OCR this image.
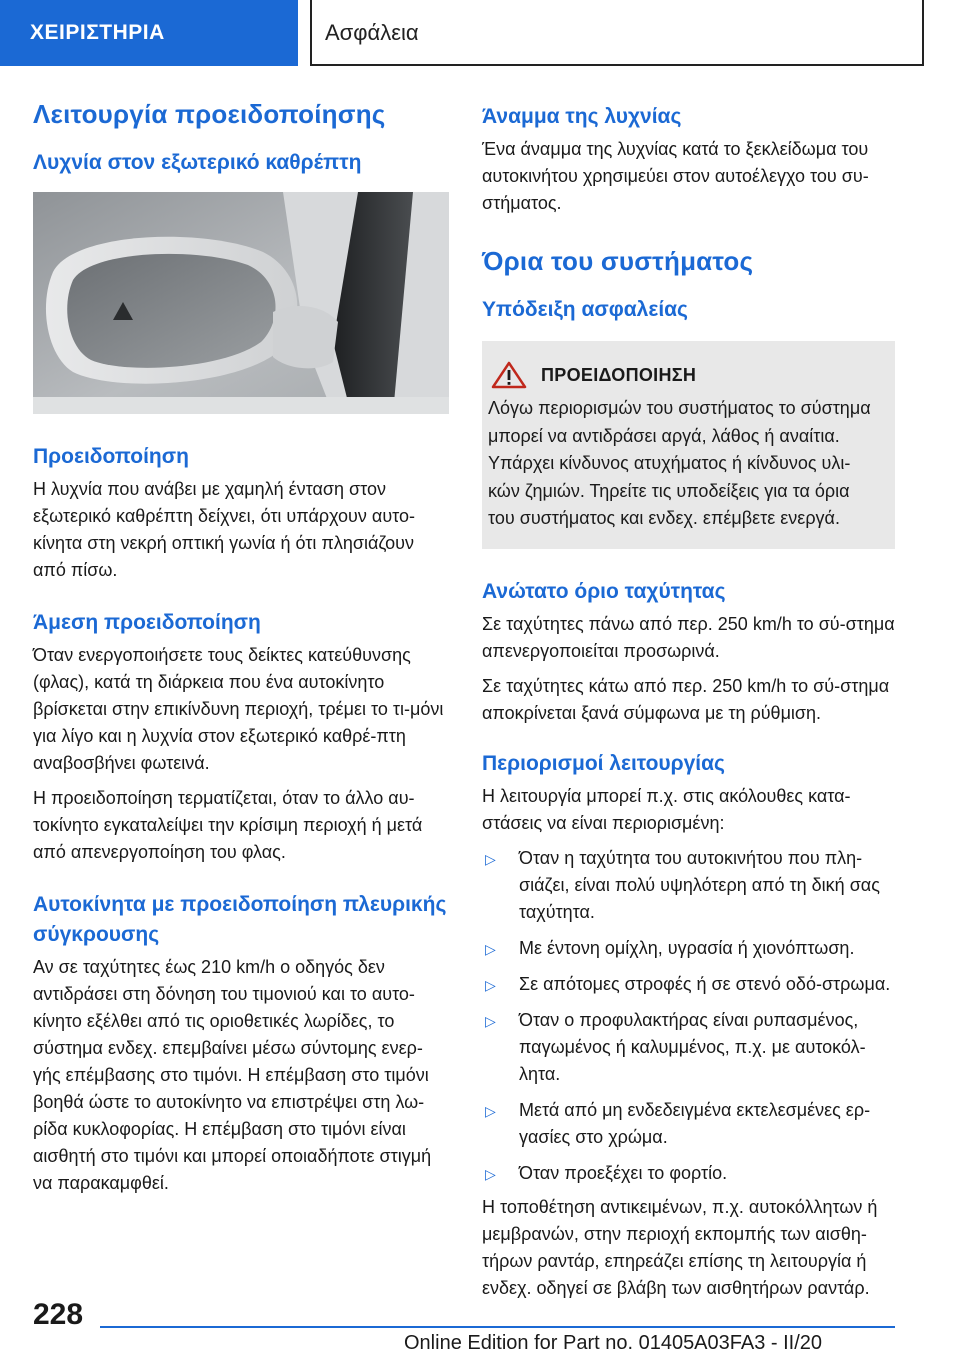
ΧΕΙΡΙΣΤΗΡΙΑ	Ασφάλεια
Λειτουργία προειδοποίησης
Λυχνία στον εξωτερικό καθρέπτη
Προειδοποίηση

Η λυχνία που ανάβει με χαμηλή ένταση στον εξωτερικό καθρέπτη δείχνει, ότι υπάρχουν αυτο-κίνητα στη νεκρή οπτική γωνία ή ότι πλησιάζουν από πίσω.

Άμεση προειδοποίηση

Όταν ενεργοποιήσετε τους δείκτες κατεύθυνσης (φλας), κατά τη διάρκεια που ένα αυτοκίνητο βρίσκεται στην επικίνδυνη περιοχή, τρέμει το τι-μόνι για λίγο και η λυχνία στον εξωτερικό καθρέ-πτη αναβοσβήνει φωτεινά.

Η προειδοποίηση τερματίζεται, όταν το άλλο αυ-τοκίνητο εγκαταλείψει την κρίσιμη περιοχή ή μετά από απενεργοποίηση του φλας.

Αυτοκίνητα με προειδοποίηση πλευρικής σύγκρουσης

Αν σε ταχύτητες έως 210 km/h ο οδηγός δεν αντιδράσει στη δόνηση του τιμονιού και το αυτο-κίνητο εξέλθει από τις οριοθετικές λωρίδες, το σύστημα ενδεχ. επεμβαίνει μέσω σύντομης ενερ-γής επέμβασης στο τιμόνι. Η επέμβαση στο τιμόνι βοηθά ώστε το αυτοκίνητο να επιστρέψει στη λω-ρίδα κυκλοφορίας. Η επέμβαση στο τιμόνι είναι αισθητή στο τιμόνι και μπορεί οποιαδήποτε στιγμή να παρακαμφθεί.

Άναμμα της λυχνίας

Ένα άναμμα της λυχνίας κατά το ξεκλείδωμα του αυτοκινήτου χρησιμεύει στον αυτοέλεγχο του συ-στήματος.

Όρια του συστήματος
Υπόδειξη ασφαλείας
ΠΡΟΕΙΔΟΠΟΙΗΣΗ

Λόγω περιορισμών του συστήματος το σύστημα μπορεί να αντιδράσει αργά, λάθος ή αναίτια. Υπάρχει κίνδυνος ατυχήματος ή κίνδυνος υλι-κών ζημιών. Τηρείτε τις υποδείξεις για τα όρια του συστήματος και ενδεχ. επέμβετε ενεργά.

Ανώτατο όριο ταχύτητας

Σε ταχύτητες πάνω από περ. 250 km/h το σύ-στημα απενεργοποιείται προσωρινά.

Σε ταχύτητες κάτω από περ. 250 km/h το σύ-στημα αποκρίνεται ξανά σύμφωνα με τη ρύθμιση.

Περιορισμοί λειτουργίας

Η λειτουργία μπορεί π.χ. στις ακόλουθες κατα-στάσεις να είναι περιορισμένη:

▷ Όταν η ταχύτητα του αυτοκινήτου που πλη-σιάζει, είναι πολύ υψηλότερη από τη δική σας ταχύτητα.
▷ Με έντονη ομίχλη, υγρασία ή χιονόπτωση.
▷ Σε απότομες στροφές ή σε στενό οδό-στρωμα.
▷ Όταν ο προφυλακτήρας είναι ρυπασμένος, παγωμένος ή καλυμμένος, π.χ. με αυτοκόλ-λητα.
▷ Μετά από μη ενδεδειγμένα εκτελεσμένες ερ-γασίες στο χρώμα.
▷ Όταν προεξέχει το φορτίο.

Η τοποθέτηση αντικειμένων, π.χ. αυτοκόλλητων ή μεμβρανών, στην περιοχή εκπομπής των αισθη-τήρων ραντάρ, επηρεάζει επίσης τη λειτουργία ή ενδεχ. οδηγεί σε βλάβη των αισθητήρων ραντάρ.

228
Online Edition for Part no. 01405A03FA3 - II/20
